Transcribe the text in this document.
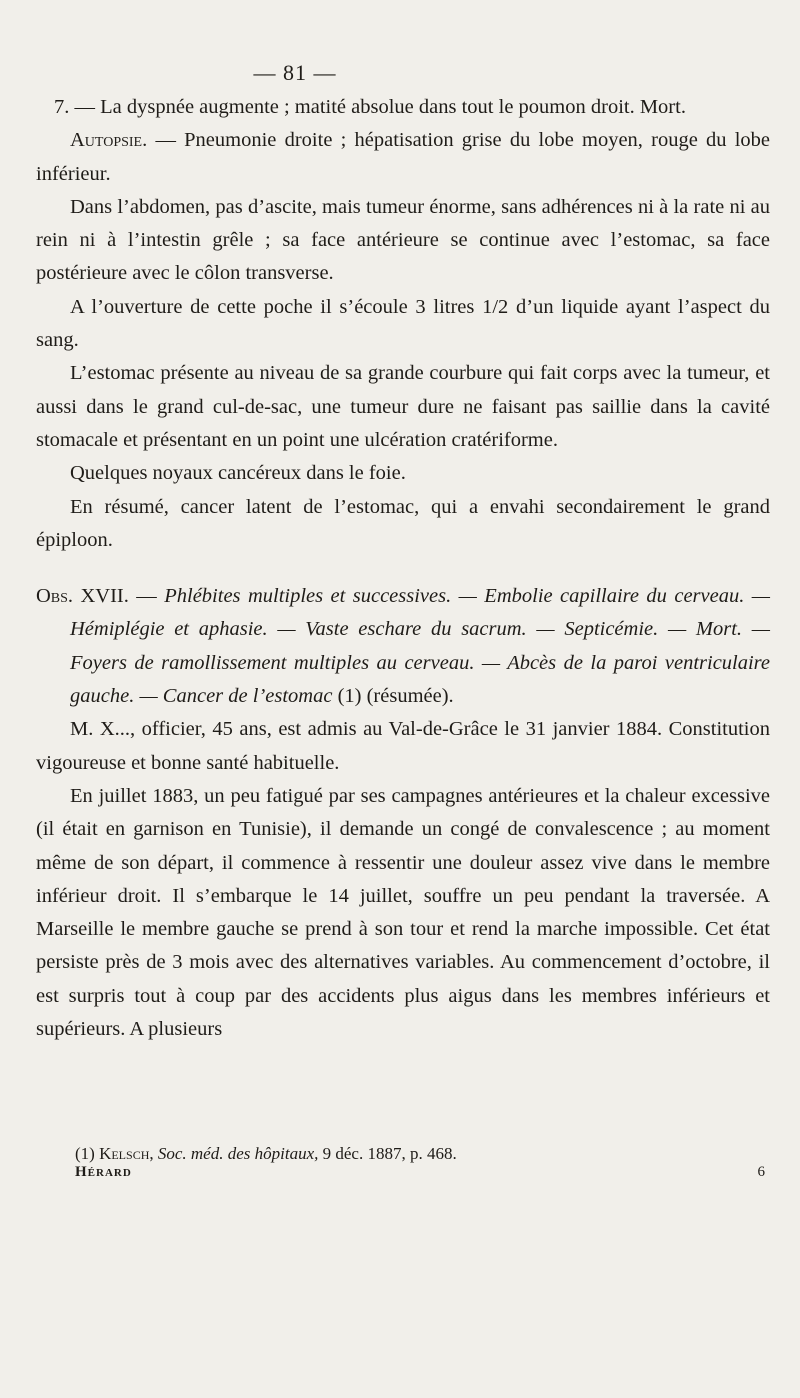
— 81 —

7. — La dyspnée augmente ; matité absolue dans tout le poumon droit. Mort.

Autopsie. — Pneumonie droite ; hépatisation grise du lobe moyen, rouge du lobe inférieur.

Dans l’abdomen, pas d’ascite, mais tumeur énorme, sans adhérences ni à la rate ni au rein ni à l’intestin grêle ; sa face antérieure se continue avec l’estomac, sa face postérieure avec le côlon transverse.

A l’ouverture de cette poche il s’écoule 3 litres 1/2 d’un liquide ayant l’aspect du sang.

L’estomac présente au niveau de sa grande courbure qui fait corps avec la tumeur, et aussi dans le grand cul-de-sac, une tumeur dure ne faisant pas saillie dans la cavité stomacale et présentant en un point une ulcération cratériforme.

Quelques noyaux cancéreux dans le foie.

En résumé, cancer latent de l’estomac, qui a envahi secondairement le grand épiploon.

Obs. XVII. — Phlébites multiples et successives. — Embolie capillaire du cerveau. — Hémiplégie et aphasie. — Vaste eschare du sacrum. — Septicémie. — Mort. — Foyers de ramollissement multiples au cerveau. — Abcès de la paroi ventriculaire gauche. — Cancer de l’estomac (1) (résumée).

M. X..., officier, 45 ans, est admis au Val-de-Grâce le 31 janvier 1884. Constitution vigoureuse et bonne santé habituelle.

En juillet 1883, un peu fatigué par ses campagnes antérieures et la chaleur excessive (il était en garnison en Tunisie), il demande un congé de convalescence ; au moment même de son départ, il commence à ressentir une douleur assez vive dans le membre inférieur droit. Il s’embarque le 14 juillet, souffre un peu pendant la traversée. A Marseille le membre gauche se prend à son tour et rend la marche impossible. Cet état persiste près de 3 mois avec des alternatives variables. Au commencement d’octobre, il est surpris tout à coup par des accidents plus aigus dans les membres inférieurs et supérieurs. A plusieurs

(1) Kelsch, Soc. méd. des hôpitaux, 9 déc. 1887, p. 468.
Hérard	6
